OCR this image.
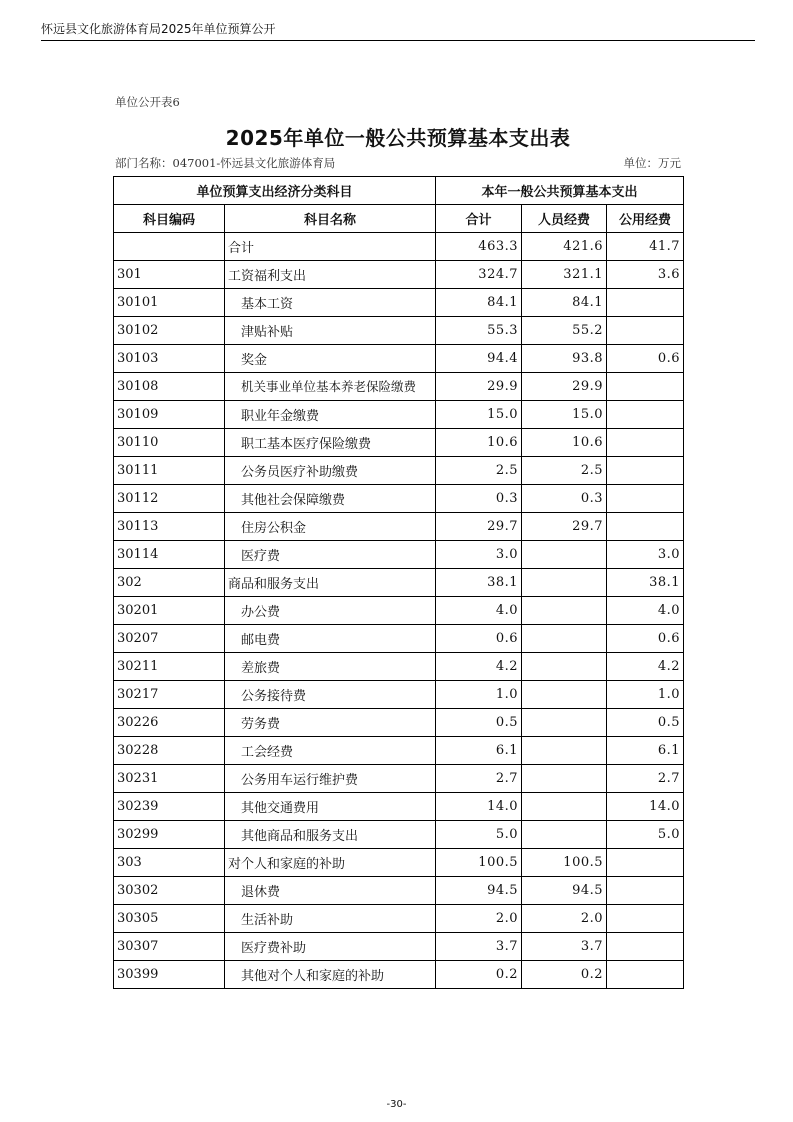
怀远县文化旅游体育局2025年单位预算公开
单位公开表6
2025年单位一般公共预算基本支出表
部门名称：047001-怀远县文化旅游体育局	单位：万元
单位预算支出经济分类科目		本年一般公共预算基本支出		
科目编码	科目名称	合计	人员经费	公用经费
	合计	463.3	421.6	41.7
301	工资福利支出	324.7	321.1	3.6
30101	基本工资	84.1	84.1	
30102	津贴补贴	55.3	55.2	
30103	奖金	94.4	93.8	0.6
30108	机关事业单位基本养老保险缴费	29.9	29.9	
30109	职业年金缴费	15.0	15.0	
30110	职工基本医疗保险缴费	10.6	10.6	
30111	公务员医疗补助缴费	2.5	2.5	
30112	其他社会保障缴费	0.3	0.3	
30113	住房公积金	29.7	29.7	
30114	医疗费	3.0		3.0
302	商品和服务支出	38.1		38.1
30201	办公费	4.0		4.0
30207	邮电费	0.6		0.6
30211	差旅费	4.2		4.2
30217	公务接待费	1.0		1.0
30226	劳务费	0.5		0.5
30228	工会经费	6.1		6.1
30231	公务用车运行维护费	2.7		2.7
30239	其他交通费用	14.0		14.0
30299	其他商品和服务支出	5.0		5.0
303	对个人和家庭的补助	100.5	100.5	
30302	退休费	94.5	94.5	
30305	生活补助	2.0	2.0	
30307	医疗费补助	3.7	3.7	
30399	其他对个人和家庭的补助	0.2	0.2	
-30-
